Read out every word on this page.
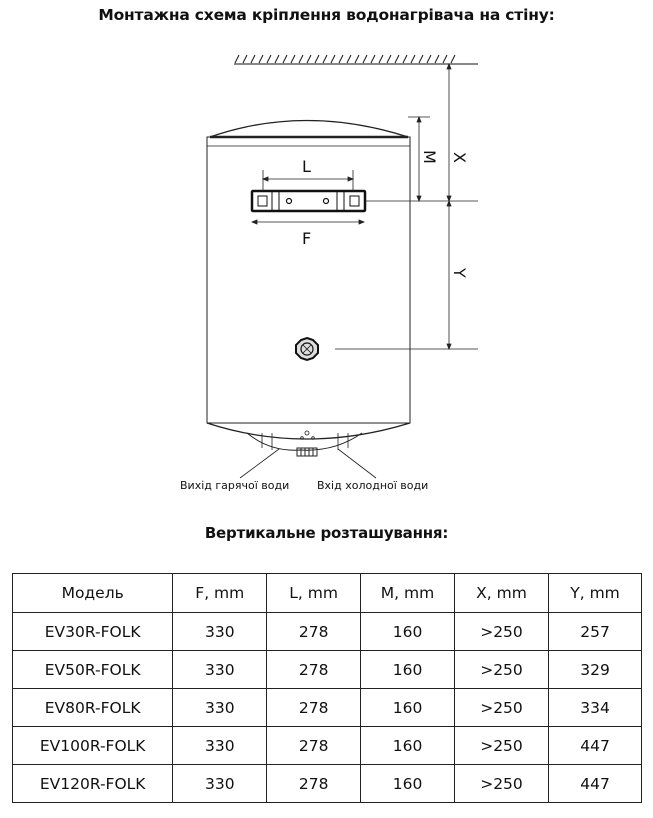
Монтажна схема кріплення водонагрівача на стіну:
L
F
M X
Y
Вихід гарячої води	Вхід холодної води
Вертикальне розташування:
Модель	F, mm	L, mm	M, mm	X, mm	Y, mm
EV30R-FOLK	330	278	160	>250	257
EV50R-FOLK	330	278	160	>250	329
EV80R-FOLK	330	278	160	>250	334
EV100R-FOLK	330	278	160	>250	447
EV120R-FOLK	330	278	160	>250	447
